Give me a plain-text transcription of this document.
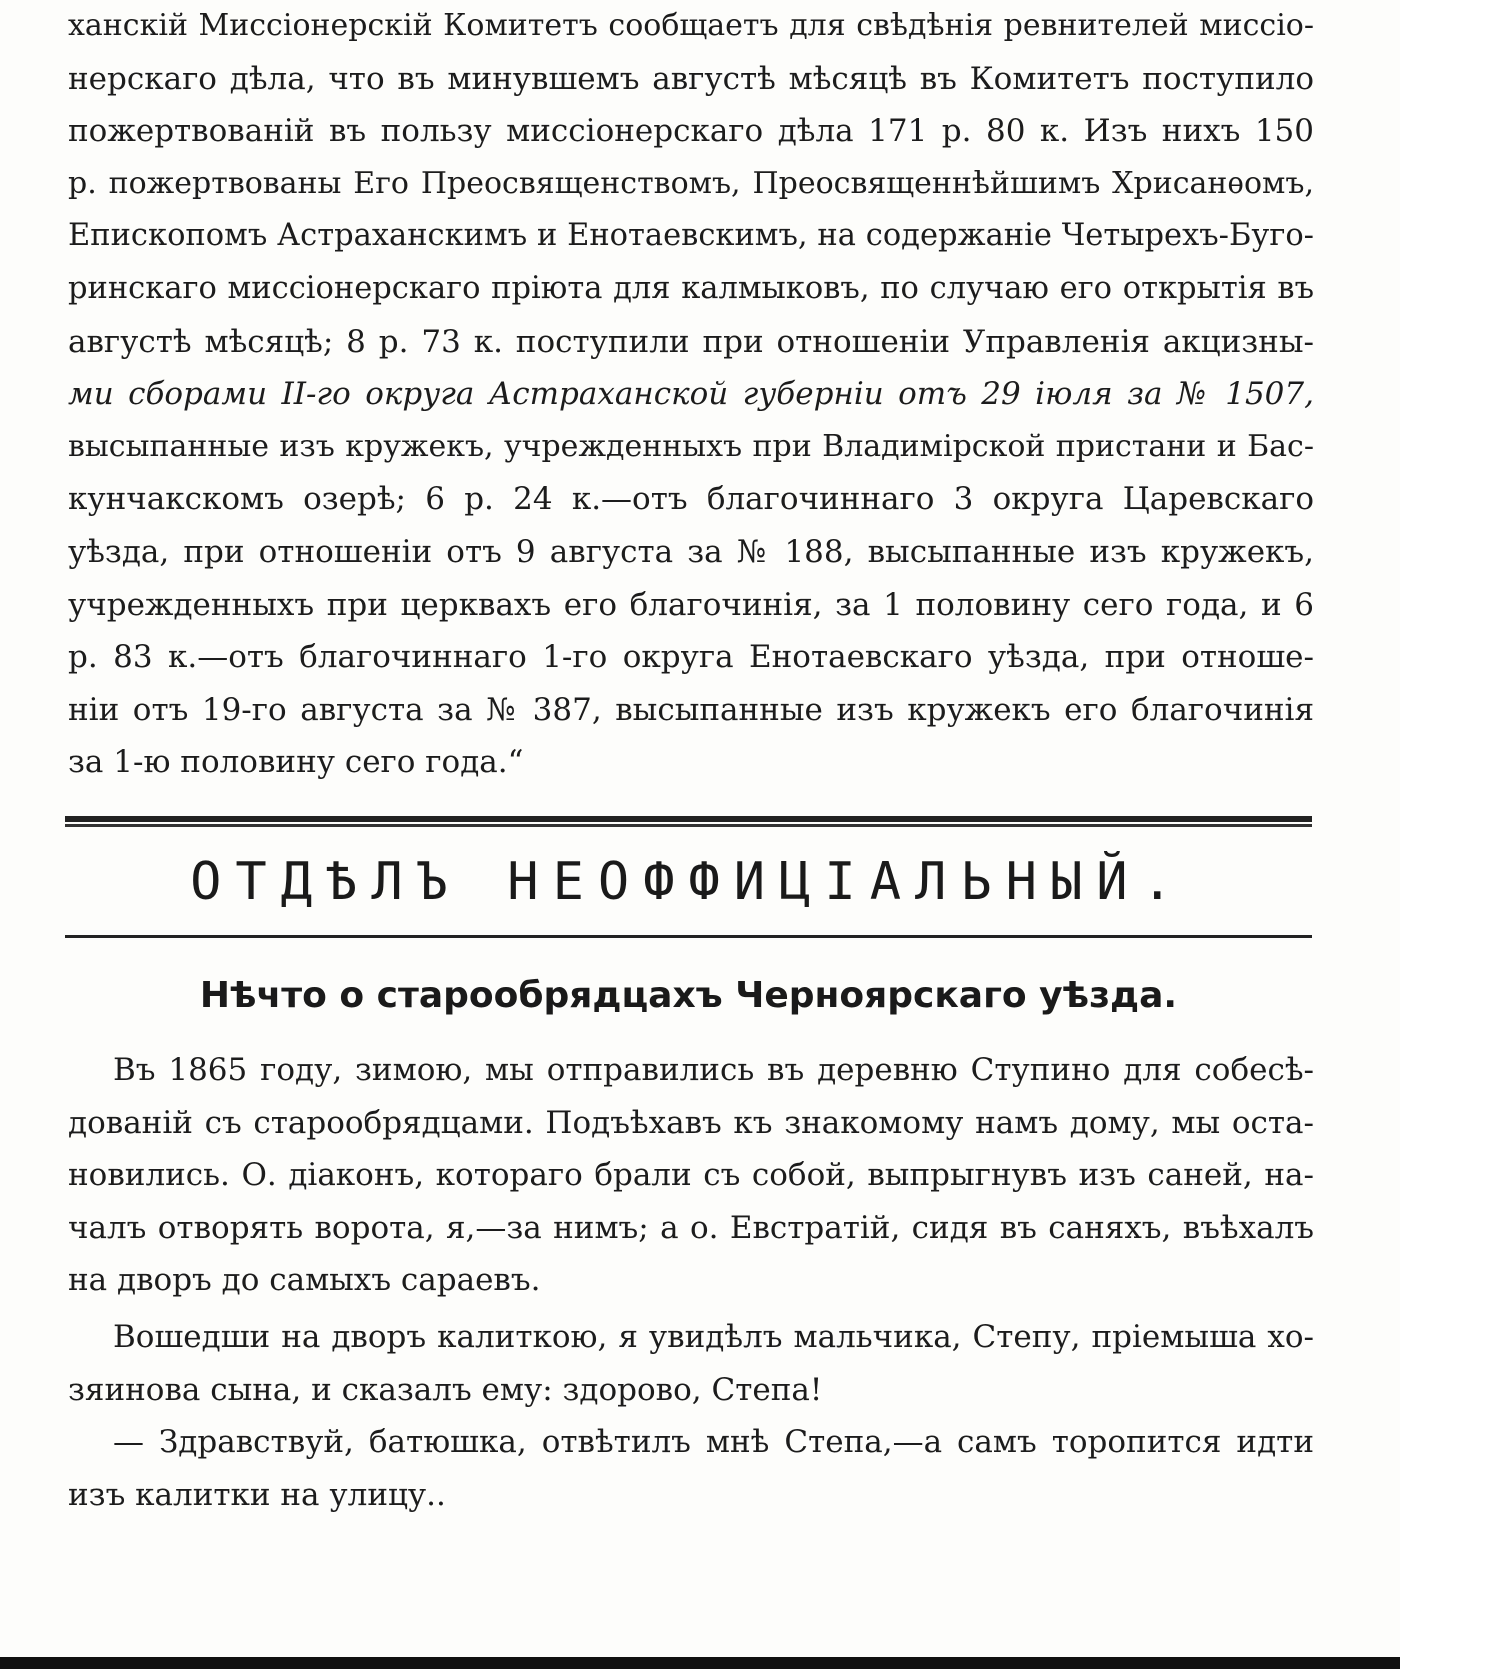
ханскій Миссіонерскій Комитетъ сообщаетъ для свѣдѣнія ревнителей миссіо-
нерскаго дѣла, что въ минувшемъ августѣ мѣсяцѣ въ Комитетъ поступило
пожертвованій въ пользу миссіонерскаго дѣла 171 р. 80 к. Изъ нихъ 150
р. пожертвованы Его Преосвященствомъ, Преосвященнѣйшимъ Хрисанѳомъ,
Епископомъ Астраханскимъ и Енотаевскимъ, на содержаніе Четырехъ-Буго-
ринскаго миссіонерскаго пріюта для калмыковъ, по случаю его открытія въ
августѣ мѣсяцѣ; 8 р. 73 к. поступили при отношеніи Управленія акцизны-
ми сборами II-го округа Астраханской губерніи отъ 29 іюля за № 1507,
высыпанные изъ кружекъ, учрежденныхъ при Владимірской пристани и Бас-
кунчакскомъ озерѣ; 6 р. 24 к.—отъ благочиннаго 3 округа Царевскаго
уѣзда, при отношеніи отъ 9 августа за № 188, высыпанные изъ кружекъ,
учрежденныхъ при церквахъ его благочинія, за 1 половину сего года, и 6
р. 83 к.—отъ благочиннаго 1-го округа Енотаевскаго уѣзда, при отноше-
ніи отъ 19-го августа за № 387, высыпанные изъ кружекъ его благочинія
за 1-ю половину сего года.“
ОТДѢЛЪ НЕОФФИЦІАЛЬНЫЙ.
Нѣчто о старообрядцахъ Черноярскаго уѣзда.
Въ 1865 году, зимою, мы отправились въ деревню Ступино для собесѣ-
дованій съ старообрядцами. Подъѣхавъ къ знакомому намъ дому, мы оста-
новились. О. діаконъ, котораго брали съ собой, выпрыгнувъ изъ саней, на-
чалъ отворять ворота, я,—за нимъ; а о. Евстратій, сидя въ саняхъ, въѣхалъ
на дворъ до самыхъ сараевъ.
Вошедши на дворъ калиткою, я увидѣлъ мальчика, Степу, пріемыша хо-
зяинова сына, и сказалъ ему: здорово, Степа!
— Здравствуй, батюшка, отвѣтилъ мнѣ Степа,—а самъ торопится идти
изъ калитки на улицу..
